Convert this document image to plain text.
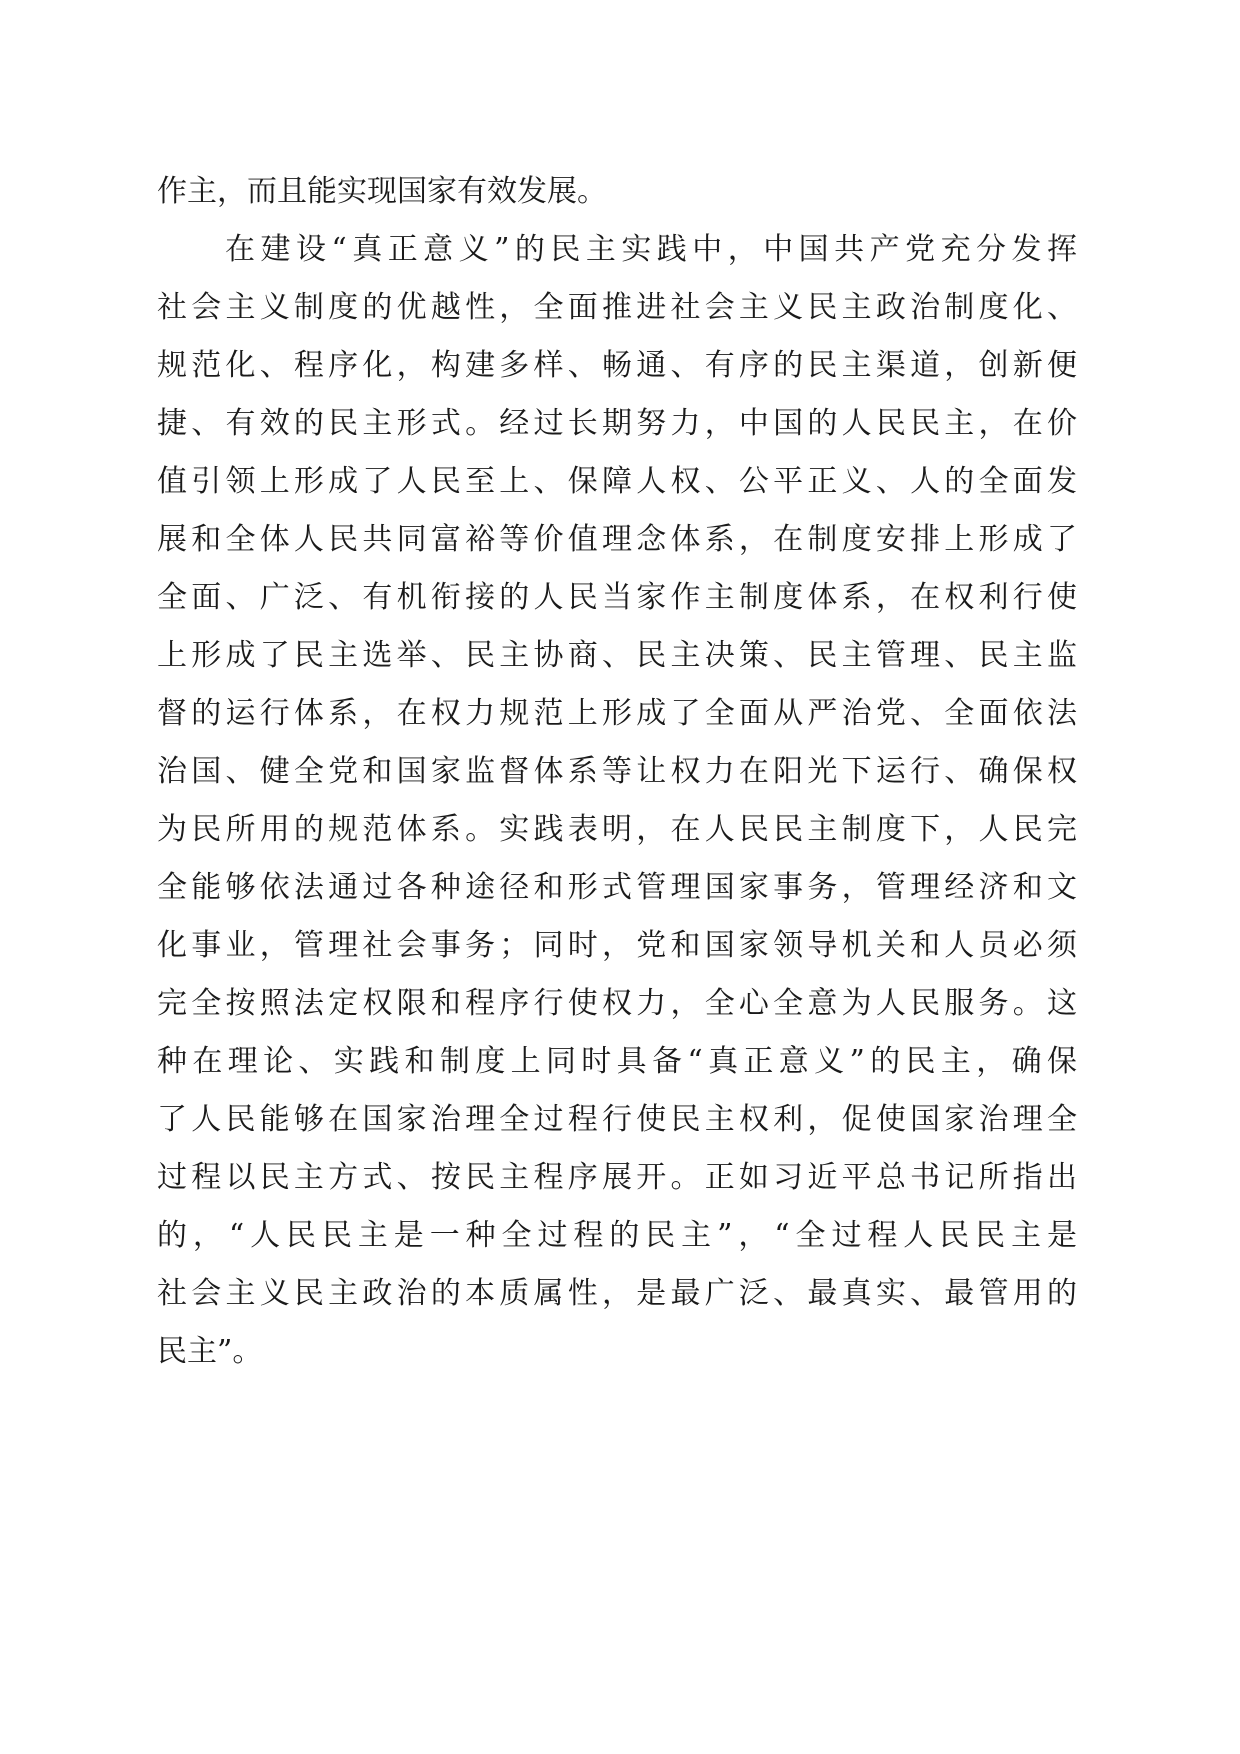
作主，而且能实现国家有效发展。
在建设“真正意义”的民主实践中，中国共产党充分发挥
社会主义制度的优越性，全面推进社会主义民主政治制度化、
规范化、程序化，构建多样、畅通、有序的民主渠道，创新便
捷、有效的民主形式。经过长期努力，中国的人民民主，在价
值引领上形成了人民至上、保障人权、公平正义、人的全面发
展和全体人民共同富裕等价值理念体系，在制度安排上形成了
全面、广泛、有机衔接的人民当家作主制度体系，在权利行使
上形成了民主选举、民主协商、民主决策、民主管理、民主监
督的运行体系，在权力规范上形成了全面从严治党、全面依法
治国、健全党和国家监督体系等让权力在阳光下运行、确保权
为民所用的规范体系。实践表明，在人民民主制度下，人民完
全能够依法通过各种途径和形式管理国家事务，管理经济和文
化事业，管理社会事务；同时，党和国家领导机关和人员必须
完全按照法定权限和程序行使权力，全心全意为人民服务。这
种在理论、实践和制度上同时具备“真正意义”的民主，确保
了人民能够在国家治理全过程行使民主权利，促使国家治理全
过程以民主方式、按民主程序展开。正如习近平总书记所指出
的，“人民民主是一种全过程的民主”，“全过程人民民主是
社会主义民主政治的本质属性，是最广泛、最真实、最管用的
民主”。
